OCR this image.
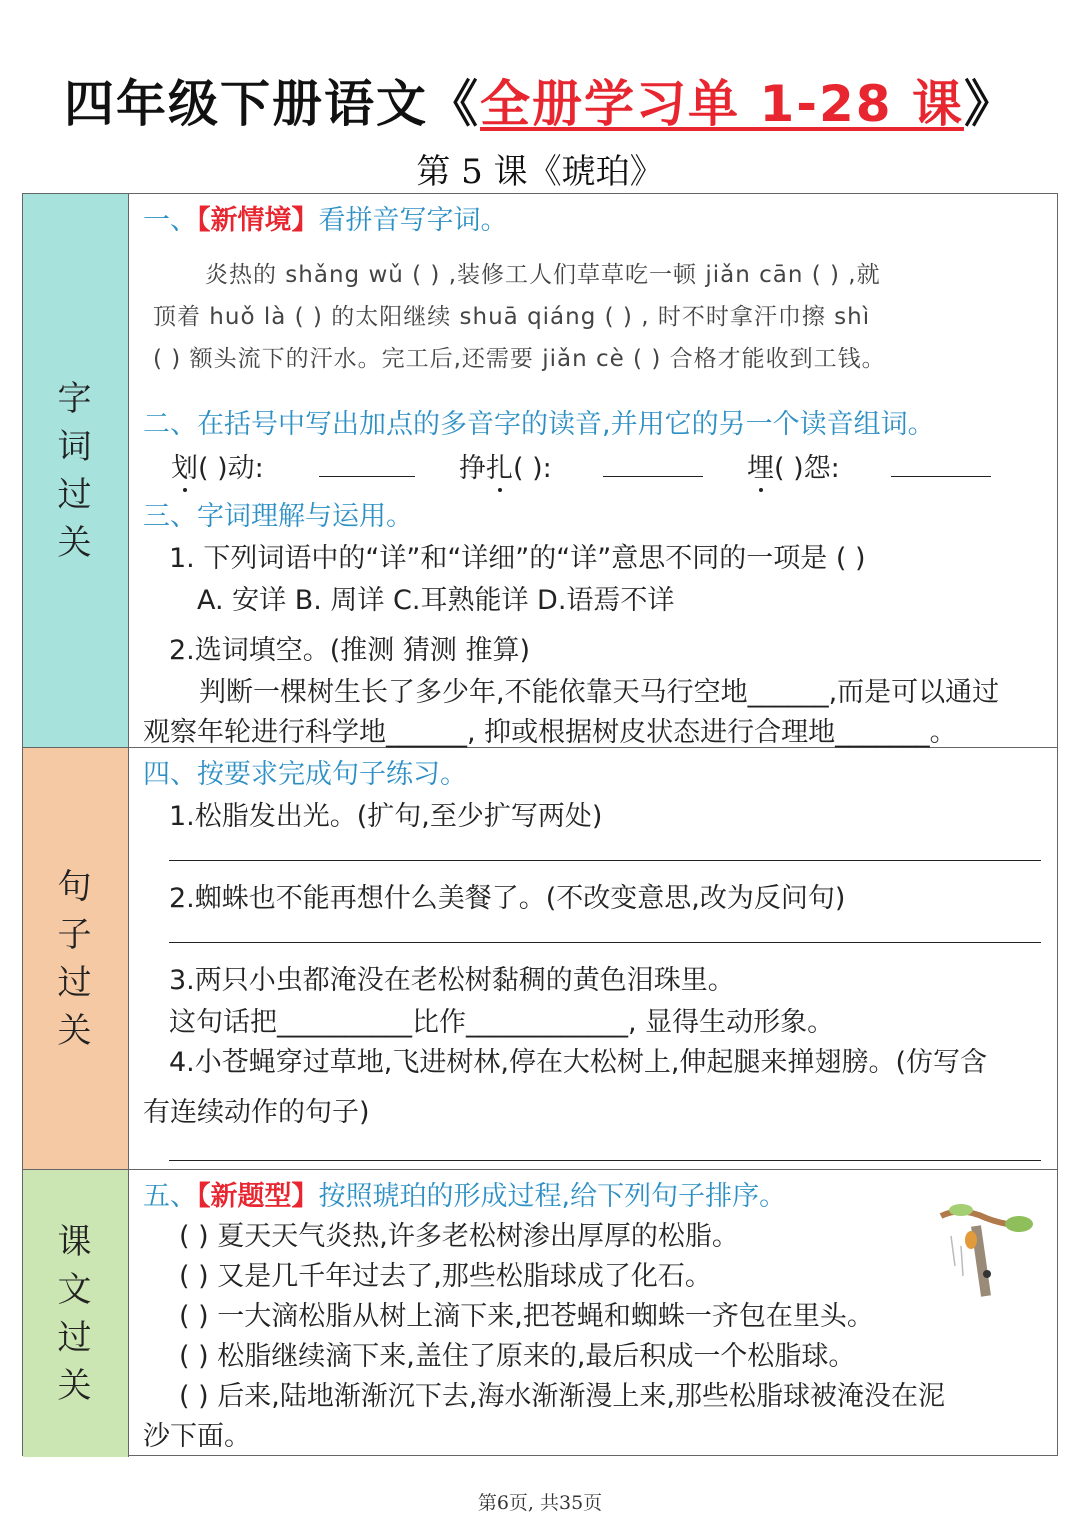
四年级下册语文《全册学习单 1-28 课》
第 5 课《琥珀》
字词
过关
一、【新情境】看拼音写字词。
炎热的 shǎng wǔ ( ) ,装修工人们草草吃一顿 jiǎn cān ( ) ,就
顶着 huǒ là ( ) 的太阳继续 shuā qiáng ( ) , 时不时拿汗巾擦 shì
( ) 额头流下的汗水。完工后,还需要 jiǎn cè ( ) 合格才能收到工钱。
二、在括号中写出加点的多音字的读音,并用它的另一个读音组词。
划( )动:	挣扎( ):	埋( )怨:
三、字词理解与运用。
1. 下列词语中的“详”和“详细”的“详”意思不同的一项是 ( )
A. 安详 B. 周详 C.耳熟能详 D.语焉不详
2.选词填空。(推测 猜测 推算)
判断一棵树生长了多少年,不能依靠天马行空地______,而是可以通过
观察年轮进行科学地______, 抑或根据树皮状态进行合理地_______。
句子
过关
四、按要求完成句子练习。
1.松脂发出光。(扩句,至少扩写两处)
2.蜘蛛也不能再想什么美餐了。(不改变意思,改为反问句)
3.两只小虫都淹没在老松树黏稠的黄色泪珠里。
这句话把__________比作____________, 显得生动形象。
4.小苍蝇穿过草地,飞进树林,停在大松树上,伸起腿来掸翅膀。(仿写含
有连续动作的句子)
课文
过关
五、【新题型】按照琥珀的形成过程,给下列句子排序。
( ) 夏天天气炎热,许多老松树渗出厚厚的松脂。
( ) 又是几千年过去了,那些松脂球成了化石。
( ) 一大滴松脂从树上滴下来,把苍蝇和蜘蛛一齐包在里头。
( ) 松脂继续滴下来,盖住了原来的,最后积成一个松脂球。
( ) 后来,陆地渐渐沉下去,海水渐渐漫上来,那些松脂球被淹没在泥
沙下面。
第6页, 共35页
